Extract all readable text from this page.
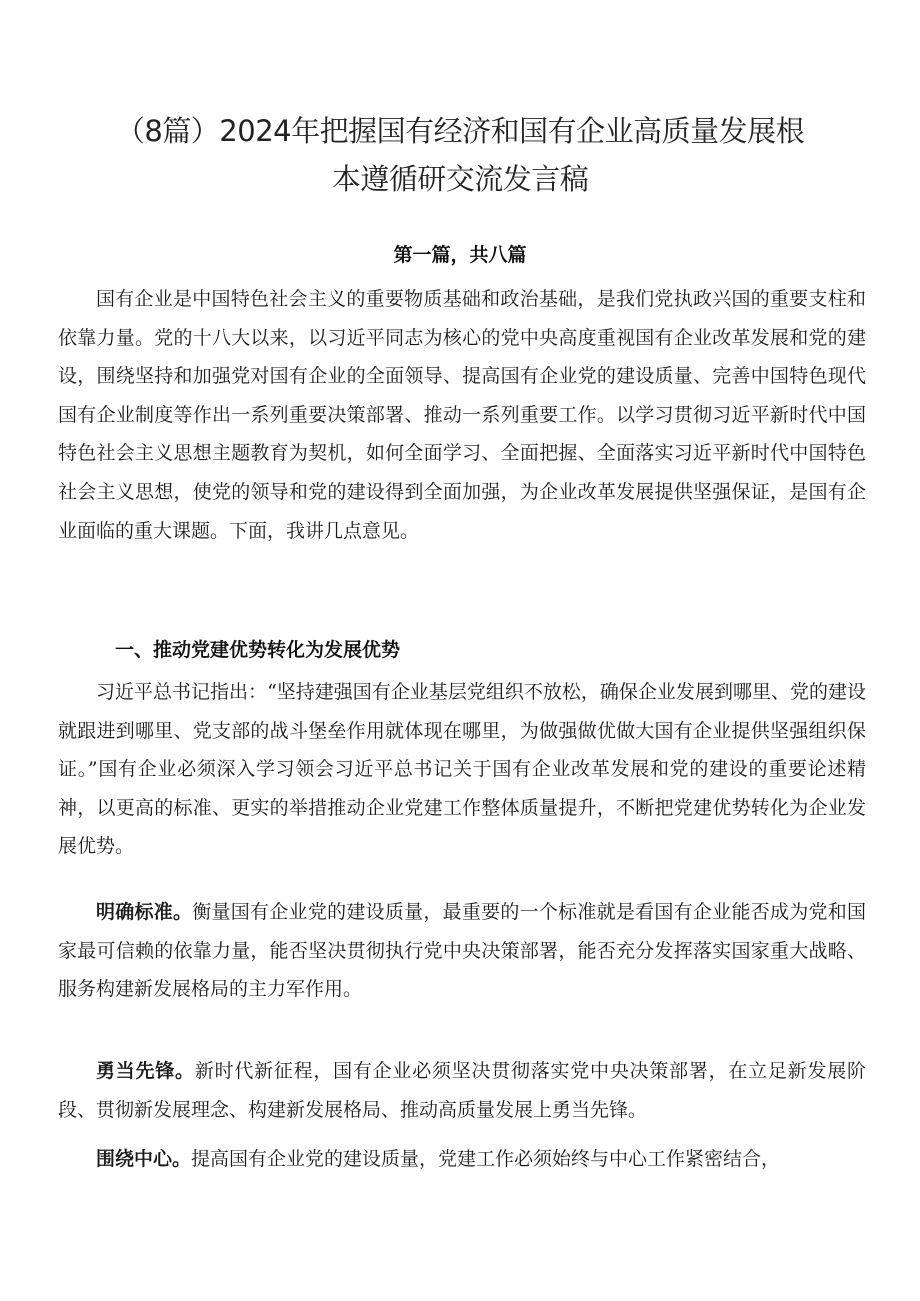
（8篇）2024年把握国有经济和国有企业高质量发展根
本遵循研交流发言稿
第一篇，共八篇

国有企业是中国特色社会主义的重要物质基础和政治基础，是我们党执政兴国的重要支柱和依靠力量。党的十八大以来，以习近平同志为核心的党中央高度重视国有企业改革发展和党的建设，围绕坚持和加强党对国有企业的全面领导、提高国有企业党的建设质量、完善中国特色现代国有企业制度等作出一系列重要决策部署、推动一系列重要工作。以学习贯彻习近平新时代中国特色社会主义思想主题教育为契机，如何全面学习、全面把握、全面落实习近平新时代中国特色社会主义思想，使党的领导和党的建设得到全面加强，为企业改革发展提供坚强保证，是国有企业面临的重大课题。下面，我讲几点意见。

一、推动党建优势转化为发展优势

习近平总书记指出：“坚持建强国有企业基层党组织不放松，确保企业发展到哪里、党的建设就跟进到哪里、党支部的战斗堡垒作用就体现在哪里，为做强做优做大国有企业提供坚强组织保证。”国有企业必须深入学习领会习近平总书记关于国有企业改革发展和党的建设的重要论述精神，以更高的标准、更实的举措推动企业党建工作整体质量提升，不断把党建优势转化为企业发展优势。

明确标准。衡量国有企业党的建设质量，最重要的一个标准就是看国有企业能否成为党和国家最可信赖的依靠力量，能否坚决贯彻执行党中央决策部署，能否充分发挥落实国家重大战略、服务构建新发展格局的主力军作用。

勇当先锋。新时代新征程，国有企业必须坚决贯彻落实党中央决策部署，在立足新发展阶段、贯彻新发展理念、构建新发展格局、推动高质量发展上勇当先锋。

围绕中心。提高国有企业党的建设质量，党建工作必须始终与中心工作紧密结合，
